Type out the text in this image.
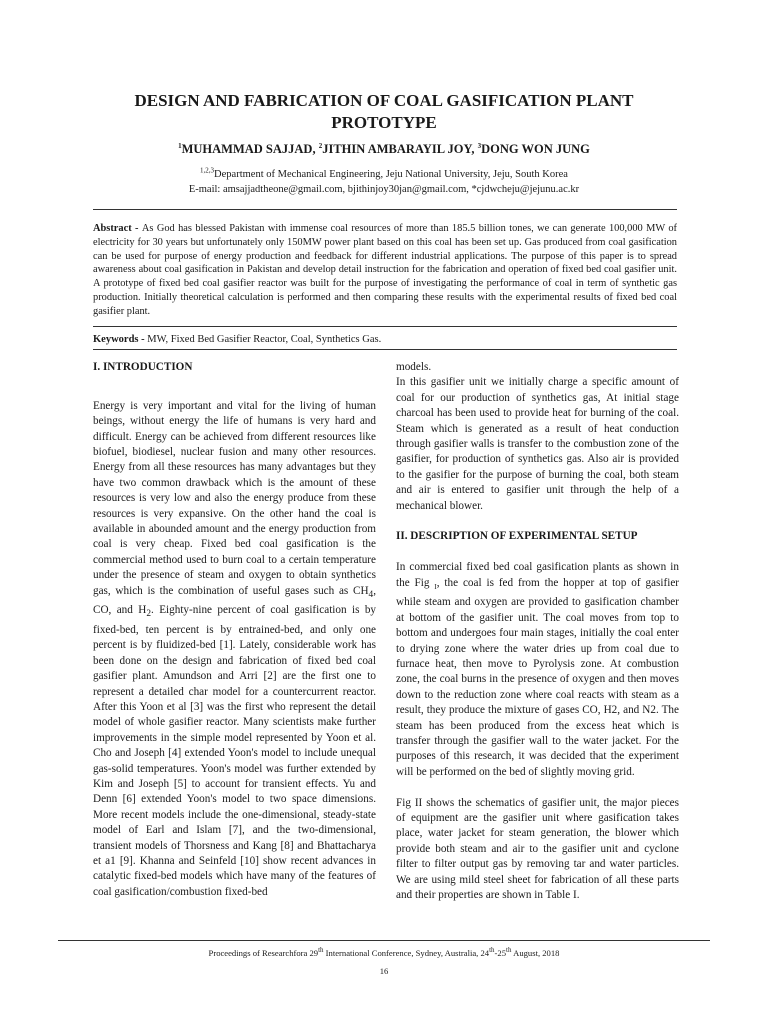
DESIGN AND FABRICATION OF COAL GASIFICATION PLANT PROTOTYPE

$^1$MUHAMMAD SAJJAD, $^2$JITHIN AMBARAYIL JOY, $^3$DONG WON JUNG

$^{1,2,3}$Department of Mechanical Engineering, Jeju National University, Jeju, South Korea
E-mail: amsajjadtheone@gmail.com, bjithinjoy30jan@gmail.com, *cjdwcheju@jejunu.ac.kr

Abstract - As God has blessed Pakistan with immense coal resources of more than 185.5 billion tones, we can generate 100,000 MW of electricity for 30 years but unfortunately only 150MW power plant based on this coal has been set up. Gas produced from coal gasification can be used for purpose of energy production and feedback for different industrial applications. The purpose of this paper is to spread awareness about coal gasification in Pakistan and develop detail instruction for the fabrication and operation of fixed bed coal gasifier unit. A prototype of fixed bed coal gasifier reactor was built for the purpose of investigating the performance of coal in term of synthetic gas production. Initially theoretical calculation is performed and then comparing these results with the experimental results of fixed bed coal gasifier plant.

Keywords - MW, Fixed Bed Gasifier Reactor, Coal, Synthetics Gas.

I. INTRODUCTION

Energy is very important and vital for the living of human beings, without energy the life of humans is very hard and difficult. Energy can be achieved from different resources like biofuel, biodiesel, nuclear fusion and many other resources. Energy from all these resources has many advantages but they have two common drawback which is the amount of these resources is very low and also the energy produce from these resources is very expansive. On the other hand the coal is available in abounded amount and the energy production from coal is very cheap. Fixed bed coal gasification is the commercial method used to burn coal to a certain temperature under the presence of steam and oxygen to obtain synthetics gas, which is the combination of useful gases such as $CH_4$, CO, and $H_2$. Eighty-nine percent of coal gasification is by fixed-bed, ten percent is by entrained-bed, and only one percent is by fluidized-bed [1]. Lately, considerable work has been done on the design and fabrication of fixed bed coal gasifier plant. Amundson and Arri [2] are the first one to represent a detailed char model for a countercurrent reactor. After this Yoon et al [3] was the first who represent the detail model of whole gasifier reactor. Many scientists make further improvements in the simple model represented by Yoon et al. Cho and Joseph [4] extended Yoon's model to include unequal gas-solid temperatures. Yoon's model was further extended by Kim and Joseph [5] to account for transient effects. Yu and Denn [6] extended Yoon's model to two space dimensions. More recent models include the one-dimensional, steady-state model of Earl and Islam [7], and the two-dimensional, transient models of Thorsness and Kang [8] and Bhattacharya et a1 [9]. Khanna and Seinfeld [10] show recent advances in catalytic fixed-bed models which have many of the features of coal gasification/combustion fixed-bed

models.

In this gasifier unit we initially charge a specific amount of coal for our production of synthetics gas, At initial stage charcoal has been used to provide heat for burning of the coal. Steam which is generated as a result of heat conduction through gasifier walls is transfer to the combustion zone of the gasifier, for production of synthetics gas. Also air is provided to the gasifier for the purpose of burning the coal, both steam and air is entered to gasifier unit through the help of a mechanical blower.

II. DESCRIPTION OF EXPERIMENTAL SETUP

In commercial fixed bed coal gasification plants as shown in the Fig $_I$, the coal is fed from the hopper at top of gasifier while steam and oxygen are provided to gasification chamber at bottom of the gasifier unit. The coal moves from top to bottom and undergoes four main stages, initially the coal enter to drying zone where the water dries up from coal due to furnace heat, then move to Pyrolysis zone. At combustion zone, the coal burns in the presence of oxygen and then moves down to the reduction zone where coal reacts with steam as a result, they produce the mixture of gases CO, H2, and N2. The steam has been produced from the excess heat which is transfer through the gasifier wall to the water jacket. For the purposes of this research, it was decided that the experiment will be performed on the bed of slightly moving grid.

Fig II shows the schematics of gasifier unit, the major pieces of equipment are the gasifier unit where gasification takes place, water jacket for steam generation, the blower which provide both steam and air to the gasifier unit and cyclone filter to filter output gas by removing tar and water particles. We are using mild steel sheet for fabrication of all these parts and their properties are shown in Table I.

Proceedings of Researchfora 29th International Conference, Sydney, Australia, 24th-25th August, 2018

16
